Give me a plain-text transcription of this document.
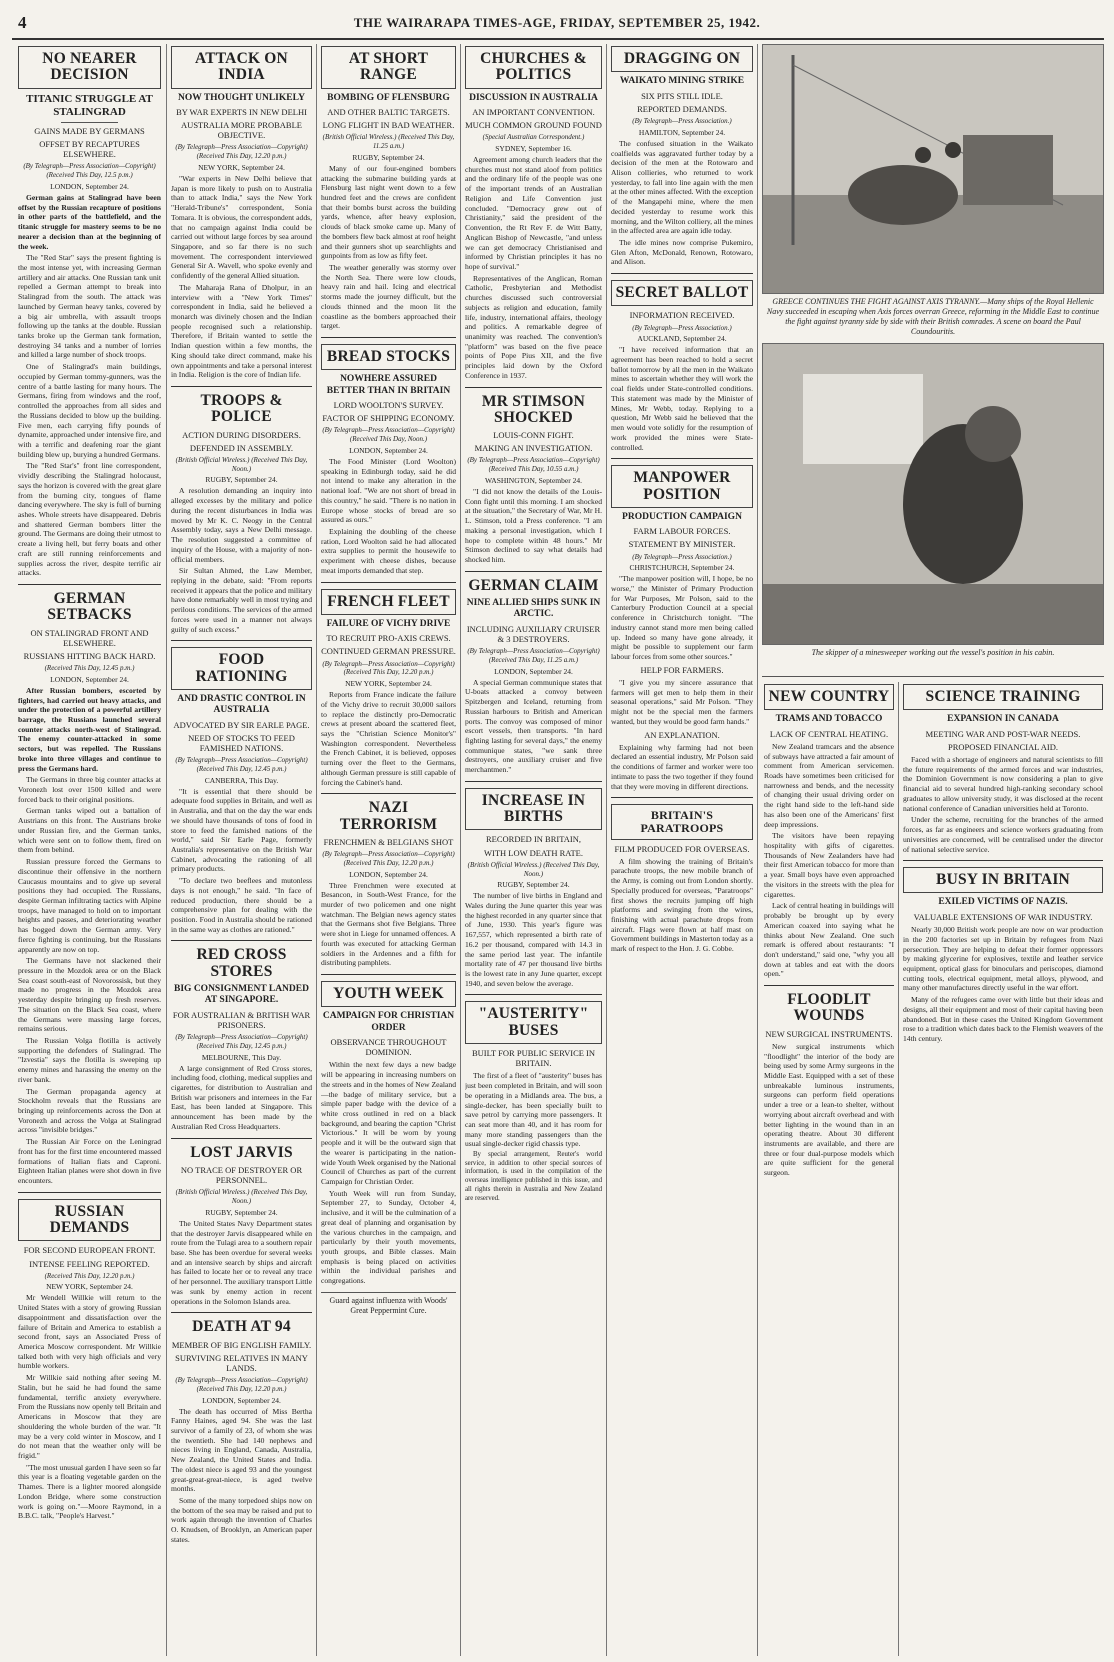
4	THE WAIRARAPA TIMES-AGE, FRIDAY, SEPTEMBER 25, 1942.
NO NEARER DECISION
TITANIC STRUGGLE AT STALINGRAD
GAINS MADE BY GERMANS
OFFSET BY RECAPTURES ELSEWHERE.
(By Telegraph—Press Association—Copyright) (Received This Day, 12.5 p.m.)
LONDON, September 24.

German gains at Stalingrad have been offset by the Russian recapture of positions in other parts of the battlefield, and the titanic struggle for mastery seems to be no nearer a decision than at the beginning of the week.

The "Red Star" says the present fighting is the most intense yet, with increasing German artillery and air attacks. One Russian tank unit repelled a German attempt to break into Stalingrad from the south. The attack was launched by German heavy tanks, covered by a big air umbrella, with assault troops following up the tanks at the double. Russian tanks broke up the German tank formation, destroying 34 tanks and a number of lorries and killed a large number of shock troops.

One of Stalingrad's main buildings, occupied by German tommy-gunners, was the centre of a battle lasting for many hours. The Germans, firing from windows and the roof, controlled the approaches from all sides and the Russians decided to blow up the building. Five men, each carrying fifty pounds of dynamite, approached under intensive fire, and with a terrific and deafening roar the giant building blew up, burying a hundred Germans.

The "Red Star's" front line correspondent, vividly describing the Stalingrad holocaust, says the horizon is covered with the great glare from the burning city, tongues of flame dancing everywhere. The sky is full of burning ashes. Whole streets have disappeared. Debris and shattered German bombers litter the ground. The Germans are doing their utmost to create a living hell, but ferry boats and other craft are still running reinforcements and supplies across the river, despite terrific air attacks.

GERMAN SETBACKS
ON STALINGRAD FRONT AND ELSEWHERE.
RUSSIANS HITTING BACK HARD.
(Received This Day, 12.45 p.m.)
LONDON, September 24.

After Russian bombers, escorted by fighters, had carried out heavy attacks, and under the protection of a powerful artillery barrage, the Russians launched several counter attacks north-west of Stalingrad. The enemy counter-attacked in some sectors, but was repelled. The Russians broke into three villages and continue to press the Germans hard.

The Germans in three big counter attacks at Voronezh lost over 1500 killed and were forced back to their original positions.

German tanks wiped out a battalion of Austrians on this front. The Austrians broke under Russian fire, and the German tanks, which were sent on to follow them, fired on them from behind.

Russian pressure forced the Germans to discontinue their offensive in the northern Caucasus mountains and to give up several positions they had occupied. The Russians, despite German infiltrating tactics with Alpine troops, have managed to hold on to important heights and passes, and deteriorating weather has bogged down the German army. Very fierce fighting is continuing, but the Russians apparently are now on top.

The Germans have not slackened their pressure in the Mozdok area or on the Black Sea coast south-east of Novorossisk, but they made no progress in the Mozdok area yesterday despite bringing up fresh reserves. The situation on the Black Sea coast, where the Germans were massing large forces, remains serious.

The Russian Volga flotilla is actively supporting the defenders of Stalingrad. The "Izvestia" says the flotilla is sweeping up enemy mines and harassing the enemy on the river bank.

The German propaganda agency at Stockholm reveals that the Russians are bringing up reinforcements across the Don at Voronezh and across the Volga at Stalingrad across "invisible bridges."

The Russian Air Force on the Leningrad front has for the first time encountered massed formations of Italian fiats and Caproni. Eighteen Italian planes were shot down in five encounters.

RUSSIAN DEMANDS
FOR SECOND EUROPEAN FRONT.
INTENSE FEELING REPORTED.
(Received This Day, 12.20 p.m.)
NEW YORK, September 24.

Mr Wendell Willkie will return to the United States with a story of growing Russian disappointment and dissatisfaction over the failure of Britain and America to establish a second front, says an Associated Press of America Moscow correspondent. Mr Willkie talked both with very high officials and very humble workers.

Mr Willkie said nothing after seeing M. Stalin, but he said he had found the same fundamental, terrific anxiety everywhere. From the Russians now openly tell Britain and Americans in Moscow that they are shouldering the whole burden of the war. "It may be a very cold winter in Moscow, and I do not mean that the weather only will be frigid."

"The most unusual garden I have seen so far this year is a floating vegetable garden on the Thames. There is a lighter moored alongside London Bridge, where some construction work is going on."—Moore Raymond, in a B.B.C. talk, "People's Harvest."

ATTACK ON INDIA
NOW THOUGHT UNLIKELY
BY WAR EXPERTS IN NEW DELHI
AUSTRALIA MORE PROBABLE OBJECTIVE.
(By Telegraph—Press Association—Copyright) (Received This Day, 12.20 p.m.)
NEW YORK, September 24.

"War experts in New Delhi believe that Japan is more likely to push on to Australia than to attack India," says the New York "Herald-Tribune's" correspondent, Sonia Tomara. It is obvious, the correspondent adds, that no campaign against India could be carried out without large forces by sea around Singapore, and so far there is no such movement. The correspondent interviewed General Sir A. Wavell, who spoke evenly and confidently of the general Allied situation.

The Maharaja Rana of Dholpur, in an interview with a "New York Times" correspondent in India, said he believed a monarch was divinely chosen and the Indian people recognised such a relationship. Therefore, if Britain wanted to settle the Indian question within a few months, the King should take direct command, make his own appointments and take a personal interest in India. Religion is the core of Indian life.

TROOPS & POLICE
ACTION DURING DISORDERS.
DEFENDED IN ASSEMBLY.
(British Official Wireless.) (Received This Day, Noon.)
RUGBY, September 24.

A resolution demanding an inquiry into alleged excesses by the military and police during the recent disturbances in India was moved by Mr K. C. Neogy in the Central Assembly today, says a New Delhi message. The resolution suggested a committee of inquiry of the House, with a majority of non-official members.

Sir Sultan Ahmed, the Law Member, replying in the debate, said: "From reports received it appears that the police and military have done remarkably well in most trying and perilous conditions. The services of the armed forces were used in a manner not always guilty of such excess."

FOOD RATIONING
AND DRASTIC CONTROL IN AUSTRALIA
ADVOCATED BY SIR EARLE PAGE.
NEED OF STOCKS TO FEED FAMISHED NATIONS.
(By Telegraph—Press Association—Copyright) (Received This Day, 12.45 p.m.)
CANBERRA, This Day.

"It is essential that there should be adequate food supplies in Britain, and well as in Australia, and that on the day the war ends we should have thousands of tons of food in store to feed the famished nations of the world," said Sir Earle Page, formerly Australia's representative on the British War Cabinet, advocating the rationing of all primary products.

"To declare two beeflees and mutonless days is not enough," he said. "In face of reduced production, there should be a comprehensive plan for dealing with the position. Food in Australia should be rationed in the same way as clothes are rationed."

RED CROSS STORES
BIG CONSIGNMENT LANDED AT SINGAPORE.
FOR AUSTRALIAN & BRITISH WAR PRISONERS.
(By Telegraph—Press Association—Copyright) (Received This Day, 12.45 p.m.)
MELBOURNE, This Day.

A large consignment of Red Cross stores, including food, clothing, medical supplies and cigarettes, for distribution to Australian and British war prisoners and internees in the Far East, has been landed at Singapore. This announcement has been made by the Australian Red Cross Headquarters.

LOST JARVIS
NO TRACE OF DESTROYER OR PERSONNEL.
(British Official Wireless.) (Received This Day, Noon.)
RUGBY, September 24.

The United States Navy Department states that the destroyer Jarvis disappeared while en route from the Tulagi area to a southern repair base. She has been overdue for several weeks and an intensive search by ships and aircraft has failed to locate her or to reveal any trace of her personnel. The auxiliary transport Little was sunk by enemy action in recent operations in the Solomon Islands area.

DEATH AT 94
MEMBER OF BIG ENGLISH FAMILY.
SURVIVING RELATIVES IN MANY LANDS.
(By Telegraph—Press Association—Copyright) (Received This Day, 12.20 p.m.)
LONDON, September 24.

The death has occurred of Miss Bertha Fanny Haines, aged 94. She was the last survivor of a family of 23, of whom she was the twentieth. She had 140 nephews and nieces living in England, Canada, Australia, New Zealand, the United States and India. The oldest niece is aged 93 and the youngest great-great-great-niece, is aged twelve months.

Some of the many torpedoed ships now on the bottom of the sea may be raised and put to work again through the invention of Charles O. Knudsen, of Brooklyn, an American paper states.

AT SHORT RANGE
BOMBING OF FLENSBURG
AND OTHER BALTIC TARGETS.
LONG FLIGHT IN BAD WEATHER.
(British Official Wireless.) (Received This Day, 11.25 a.m.)
RUGBY, September 24.

Many of our four-engined bombers attacking the submarine building yards at Flensburg last night went down to a few hundred feet and the crews are confident that their bombs burst across the building yards, whence, after heavy explosion, clouds of black smoke came up. Many of the bombers flew back almost at roof height and their gunners shot up searchlights and gunpoints from as low as fifty feet.

The weather generally was stormy over the North Sea. There were low clouds, heavy rain and hail. Icing and electrical storms made the journey difficult, but the clouds thinned and the moon lit the coastline as the bombers approached their target.

BREAD STOCKS
NOWHERE ASSURED BETTER THAN IN BRITAIN
LORD WOOLTON'S SURVEY.
FACTOR OF SHIPPING ECONOMY.
(By Telegraph—Press Association—Copyright) (Received This Day, Noon.)
LONDON, September 24.

The Food Minister (Lord Woolton) speaking in Edinburgh today, said he did not intend to make any alteration in the national loaf. "We are not short of bread in this country," he said. "There is no nation in Europe whose stocks of bread are so assured as ours."

Explaining the doubling of the cheese ration, Lord Woolton said he had allocated extra supplies to permit the housewife to experiment with cheese dishes, because meat imports demanded that step.

FRENCH FLEET
FAILURE OF VICHY DRIVE
TO RECRUIT PRO-AXIS CREWS.
CONTINUED GERMAN PRESSURE.
(By Telegraph—Press Association—Copyright) (Received This Day, 12.20 p.m.)
NEW YORK, September 24.

Reports from France indicate the failure of the Vichy drive to recruit 30,000 sailors to replace the distinctly pro-Democratic crews at present aboard the scattered fleet, says the "Christian Science Monitor's" Washington correspondent. Nevertheless the French Cabinet, it is believed, opposes turning over the fleet to the Germans, although German pressure is still capable of forcing the Cabinet's hand.

NAZI TERRORISM
FRENCHMEN & BELGIANS SHOT
(By Telegraph—Press Association—Copyright) (Received This Day, 12.20 p.m.)
LONDON, September 24.

Three Frenchmen were executed at Besancon, in South-West France, for the murder of two policemen and one night watchman. The Belgian news agency states that the Germans shot five Belgians. Three were shot in Liege for unnamed offences. A fourth was executed for attacking German soldiers in the Ardennes and a fifth for distributing pamphlets.

YOUTH WEEK
CAMPAIGN FOR CHRISTIAN ORDER
OBSERVANCE THROUGHOUT DOMINION.

Within the next few days a new badge will be appearing in increasing numbers on the streets and in the homes of New Zealand—the badge of military service, but a simple paper badge with the device of a white cross outlined in red on a black background, and bearing the caption "Christ Victorious." It will be worn by young people and it will be the outward sign that the wearer is participating in the nation-wide Youth Week organised by the National Council of Churches as part of the current Campaign for Christian Order.

Youth Week will run from Sunday, September 27, to Sunday, October 4, inclusive, and it will be the culmination of a great deal of planning and organisation by the various churches in the campaign, and particularly by their youth movements, youth groups, and Bible classes. Main emphasis is being placed on activities within the individual parishes and congregations.

Guard against influenza with Woods' Great Peppermint Cure.
CHURCHES & POLITICS
DISCUSSION IN AUSTRALIA
AN IMPORTANT CONVENTION.
MUCH COMMON GROUND FOUND
(Special Australian Correspondent.)
SYDNEY, September 16.

Agreement among church leaders that the churches must not stand aloof from politics and the ordinary life of the people was one of the important trends of an Australian Religion and Life Convention just concluded. "Democracy grew out of Christianity," said the president of the Convention, the Rt Rev F. de Witt Batty, Anglican Bishop of Newcastle, "and unless we can get democracy Christianised and informed by Christian principles it has no hope of survival."

Representatives of the Anglican, Roman Catholic, Presbyterian and Methodist churches discussed such controversial subjects as religion and education, family life, industry, international affairs, theology and politics. A remarkable degree of unanimity was reached. The convention's "platform" was based on the five peace points of Pope Pius XII, and the five principles laid down by the Oxford Conference in 1937.

MR STIMSON SHOCKED
LOUIS-CONN FIGHT.
MAKING AN INVESTIGATION.
(By Telegraph—Press Association—Copyright) (Received This Day, 10.55 a.m.)
WASHINGTON, September 24.

"I did not know the details of the Louis-Conn fight until this morning. I am shocked at the situation," the Secretary of War, Mr H. L. Stimson, told a Press conference. "I am making a personal investigation, which I hope to complete within 48 hours." Mr Stimson declined to say what details had shocked him.

GERMAN CLAIM
NINE ALLIED SHIPS SUNK IN ARCTIC.
INCLUDING AUXILIARY CRUISER & 3 DESTROYERS.
(By Telegraph—Press Association—Copyright) (Received This Day, 11.25 a.m.)
LONDON, September 24.

A special German communique states that U-boats attacked a convoy between Spitzbergen and Iceland, returning from Russian harbours to British and American ports. The convoy was composed of minor escort vessels, then transports. "In hard fighting lasting for several days," the enemy communique states, "we sank three destroyers, one auxiliary cruiser and five merchantmen."

INCREASE IN BIRTHS
RECORDED IN BRITAIN,
WITH LOW DEATH RATE.
(British Official Wireless.) (Received This Day, Noon.)
RUGBY, September 24.

The number of live births in England and Wales during the June quarter this year was the highest recorded in any quarter since that of June, 1930. This year's figure was 167,557, which represented a birth rate of 16.2 per thousand, compared with 14.3 in the same period last year. The infantile mortality rate of 47 per thousand live births is the lowest rate in any June quarter, except 1940, and seven below the average.

"AUSTERITY" BUSES
BUILT FOR PUBLIC SERVICE IN BRITAIN.

The first of a fleet of "austerity" buses has just been completed in Britain, and will soon be operating in a Midlands area. The bus, a single-decker, has been specially built to save petrol by carrying more passengers. It can seat more than 40, and it has room for many more standing passengers than the usual single-decker rigid chassis type.

By special arrangement, Reuter's world service, in addition to other special sources of information, is used in the compilation of the overseas intelligence published in this issue, and all rights therein in Australia and New Zealand are reserved.

DRAGGING ON
WAIKATO MINING STRIKE
SIX PITS STILL IDLE.
REPORTED DEMANDS.
(By Telegraph—Press Association.)
HAMILTON, September 24.

The confused situation in the Waikato coalfields was aggravated further today by a decision of the men at the Rotowaro and Alison collieries, who returned to work yesterday, to fall into line again with the men at the other mines affected. With the exception of the Mangapehi mine, where the men decided yesterday to resume work this morning, and the Wilton colliery, all the mines in the affected area are again idle today.

The idle mines now comprise Pukemiro, Glen Afton, McDonald, Renown, Rotowaro, and Alison.

SECRET BALLOT
INFORMATION RECEIVED.
(By Telegraph—Press Association.)
AUCKLAND, September 24.

"I have received information that an agreement has been reached to hold a secret ballot tomorrow by all the men in the Waikato mines to ascertain whether they will work the coal fields under State-controlled conditions. This statement was made by the Minister of Mines, Mr Webb, today. Replying to a question, Mr Webb said he believed that the men would vote solidly for the resumption of work provided the mines were State-controlled.

MANPOWER POSITION
PRODUCTION CAMPAIGN
FARM LABOUR FORCES.
STATEMENT BY MINISTER.
(By Telegraph—Press Association.)
CHRISTCHURCH, September 24.

"The manpower position will, I hope, be no worse," the Minister of Primary Production for War Purposes, Mr Polson, said to the Canterbury Production Council at a special conference in Christchurch tonight. "The industry cannot stand more men being called up. Indeed so many have gone already, it might be possible to supplement our farm labour forces from some other sources."

HELP FOR FARMERS.

"I give you my sincere assurance that farmers will get men to help them in their seasonal operations," said Mr Polson. "They might not be the special men the farmers wanted, but they would be good farm hands."

AN EXPLANATION.

Explaining why farming had not been declared an essential industry, Mr Polson said the conditions of farmer and worker were too intimate to pass the two together if they found that they were moving in different directions.

BRITAIN'S PARATROOPS
FILM PRODUCED FOR OVERSEAS.

A film showing the training of Britain's parachute troops, the new mobile branch of the Army, is coming out from London shortly. Specially produced for overseas, "Paratroops" first shows the recruits jumping off high platforms and swinging from the wires, finishing with actual parachute drops from aircraft. Flags were flown at half mast on Government buildings in Masterton today as a mark of respect to the Hon. J. G. Cobbe.

GREECE CONTINUES THE FIGHT AGAINST AXIS TYRANNY.—Many ships of the Royal Hellenic Navy succeeded in escaping when Axis forces overran Greece, reforming in the Middle East to continue the fight against tyranny side by side with their British comrades. A scene on board the Paul Coundouritis.
The skipper of a minesweeper working out the vessel's position in his cabin.
NEW COUNTRY
TRAMS AND TOBACCO
LACK OF CENTRAL HEATING.

New Zealand tramcars and the absence of subways have attracted a fair amount of comment from American servicemen. Roads have sometimes been criticised for narrowness and bends, and the necessity of changing their usual driving order on the right hand side to the left-hand side has also been one of the Americans' first deep impressions.

The visitors have been repaying hospitality with gifts of cigarettes. Thousands of New Zealanders have had their first American tobacco for more than a year. Small boys have even approached the visitors in the streets with the plea for cigarettes.

Lack of central heating in buildings will probably be brought up by every American coaxed into saying what he thinks about New Zealand. One such remark is offered about restaurants: "I don't understand," said one, "why you all down at tables and eat with the doors open."

FLOODLIT WOUNDS
NEW SURGICAL INSTRUMENTS.

New surgical instruments which "floodlight" the interior of the body are being used by some Army surgeons in the Middle East. Equipped with a set of these unbreakable luminous instruments, surgeons can perform field operations under a tree or a lean-to shelter, without worrying about aircraft overhead and with better lighting in the wound than in an operating theatre. About 30 different instruments are available, and there are three or four dual-purpose models which are quite sufficient for the general surgeon.

SCIENCE TRAINING
EXPANSION IN CANADA
MEETING WAR AND POST-WAR NEEDS.
PROPOSED FINANCIAL AID.

Faced with a shortage of engineers and natural scientists to fill the future requirements of the armed forces and war industries, the Dominion Government is now considering a plan to give financial aid to several hundred high-ranking secondary school graduates to allow university study, it was disclosed at the recent national conference of Canadian universities held at Toronto.

Under the scheme, recruiting for the branches of the armed forces, as far as engineers and science workers graduating from universities are concerned, will be centralised under the director of national selective service.

BUSY IN BRITAIN
EXILED VICTIMS OF NAZIS.
VALUABLE EXTENSIONS OF WAR INDUSTRY.

Nearly 30,000 British work people are now on war production in the 200 factories set up in Britain by refugees from Nazi persecution. They are helping to defeat their former oppressors by making glycerine for explosives, textile and leather service equipment, optical glass for binoculars and periscopes, diamond cutting tools, electrical equipment, metal alloys, plywood, and many other manufactures directly useful in the war effort.

Many of the refugees came over with little but their ideas and designs, all their equipment and most of their capital having been abandoned. But in these cases the United Kingdom Government rose to a tradition which dates back to the Flemish weavers of the 14th century.
